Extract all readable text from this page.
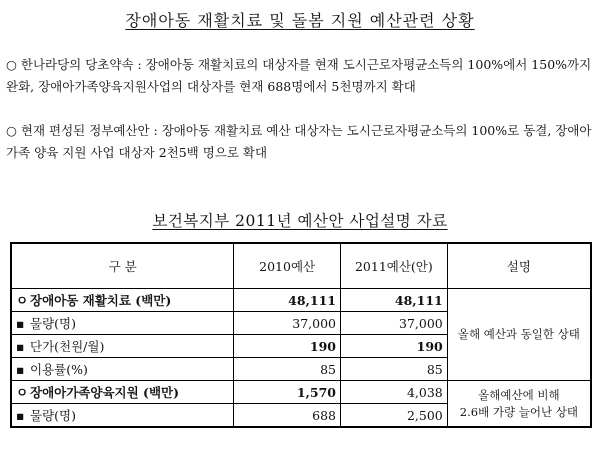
장애아동 재활치료 및 돌봄 지원 예산관련 상황
○ 한나라당의 당초약속 : 장애아동 재활치료의 대상자를 현재 도시근로자평균소득의 100%에서 150%까지 완화, 장애아가족양육지원사업의 대상자를 현재 688명에서 5천명까지 확대
○ 현재 편성된 정부예산안 : 장애아동 재활치료 예산 대상자는 도시근로자평균소득의 100%로 동결, 장애아가족 양육 지원 사업 대상자 2천5백 명으로 확대
보건복지부 2011년 예산안 사업설명 자료
구 분	2010예산	2011예산(안)	설명
ㅇ 장애아동 재활치료 (백만)	48,111	48,111	올해 예산과 동일한 상태
▪ 물량(명)	37,000	37,000	
▪ 단가(천원/월)	190	190	
▪ 이용률(%)	85	85	
ㅇ 장애아가족양육지원 (백만)	1,570	4,038	올해예산에 비해
2.6배 가량 늘어난 상태
▪ 물량(명)	688	2,500	
